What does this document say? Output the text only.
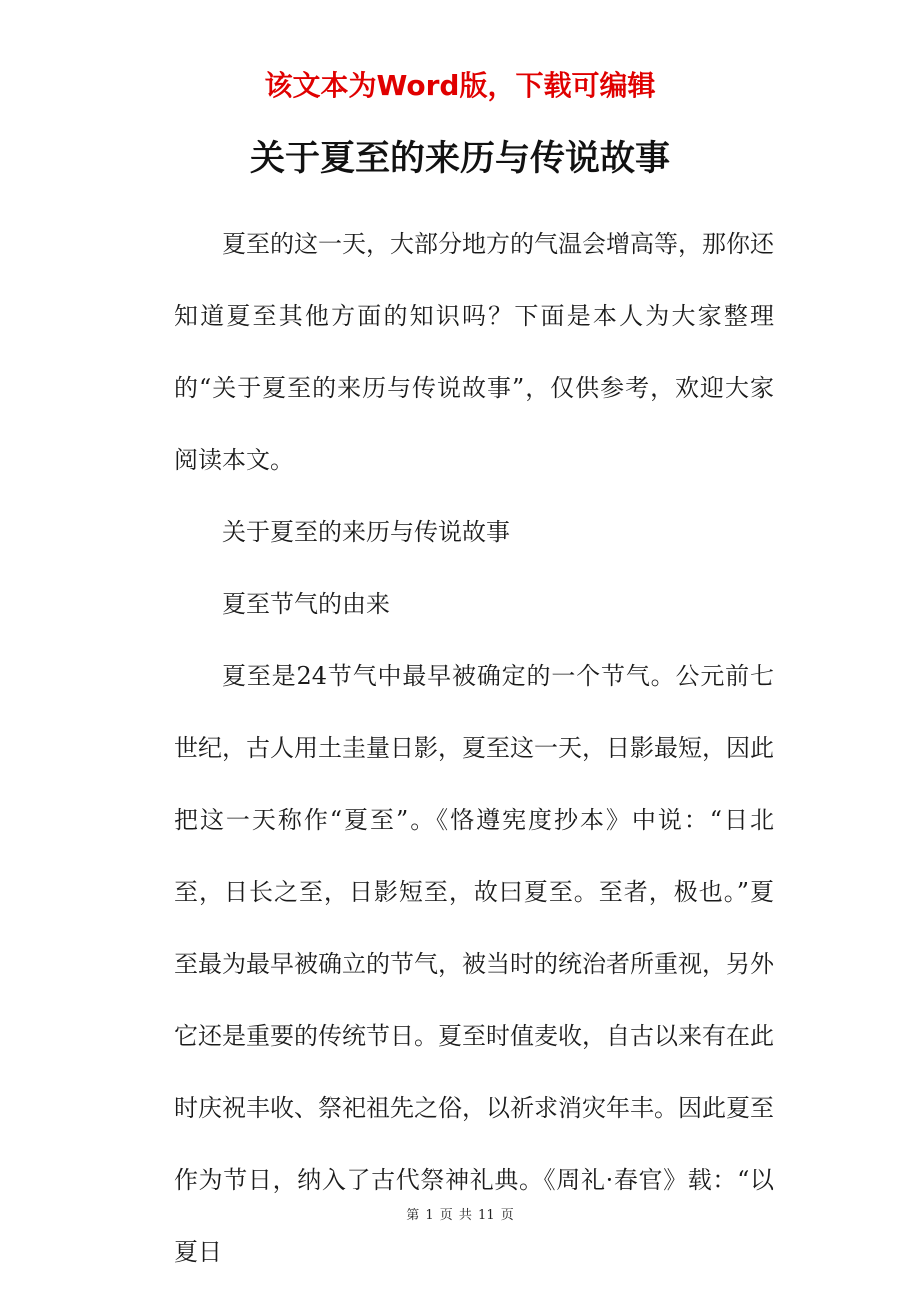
该文本为Word版，下载可编辑
关于夏至的来历与传说故事

夏至的这一天，大部分地方的气温会增高等，那你还知道夏至其他方面的知识吗？下面是本人为大家整理的“关于夏至的来历与传说故事”，仅供参考，欢迎大家阅读本文。

关于夏至的来历与传说故事

夏至节气的由来

夏至是24节气中最早被确定的一个节气。公元前七世纪，古人用土圭量日影，夏至这一天，日影最短，因此把这一天称作“夏至”。《恪遵宪度抄本》中说：“日北至，日长之至，日影短至，故曰夏至。至者，极也。”夏至最为最早被确立的节气，被当时的统治者所重视，另外它还是重要的传统节日。夏至时值麦收，自古以来有在此时庆祝丰收、祭祀祖先之俗，以祈求消灾年丰。因此夏至作为节日，纳入了古代祭神礼典。《周礼·春官》载：“以夏日

第 1 页 共 11 页
